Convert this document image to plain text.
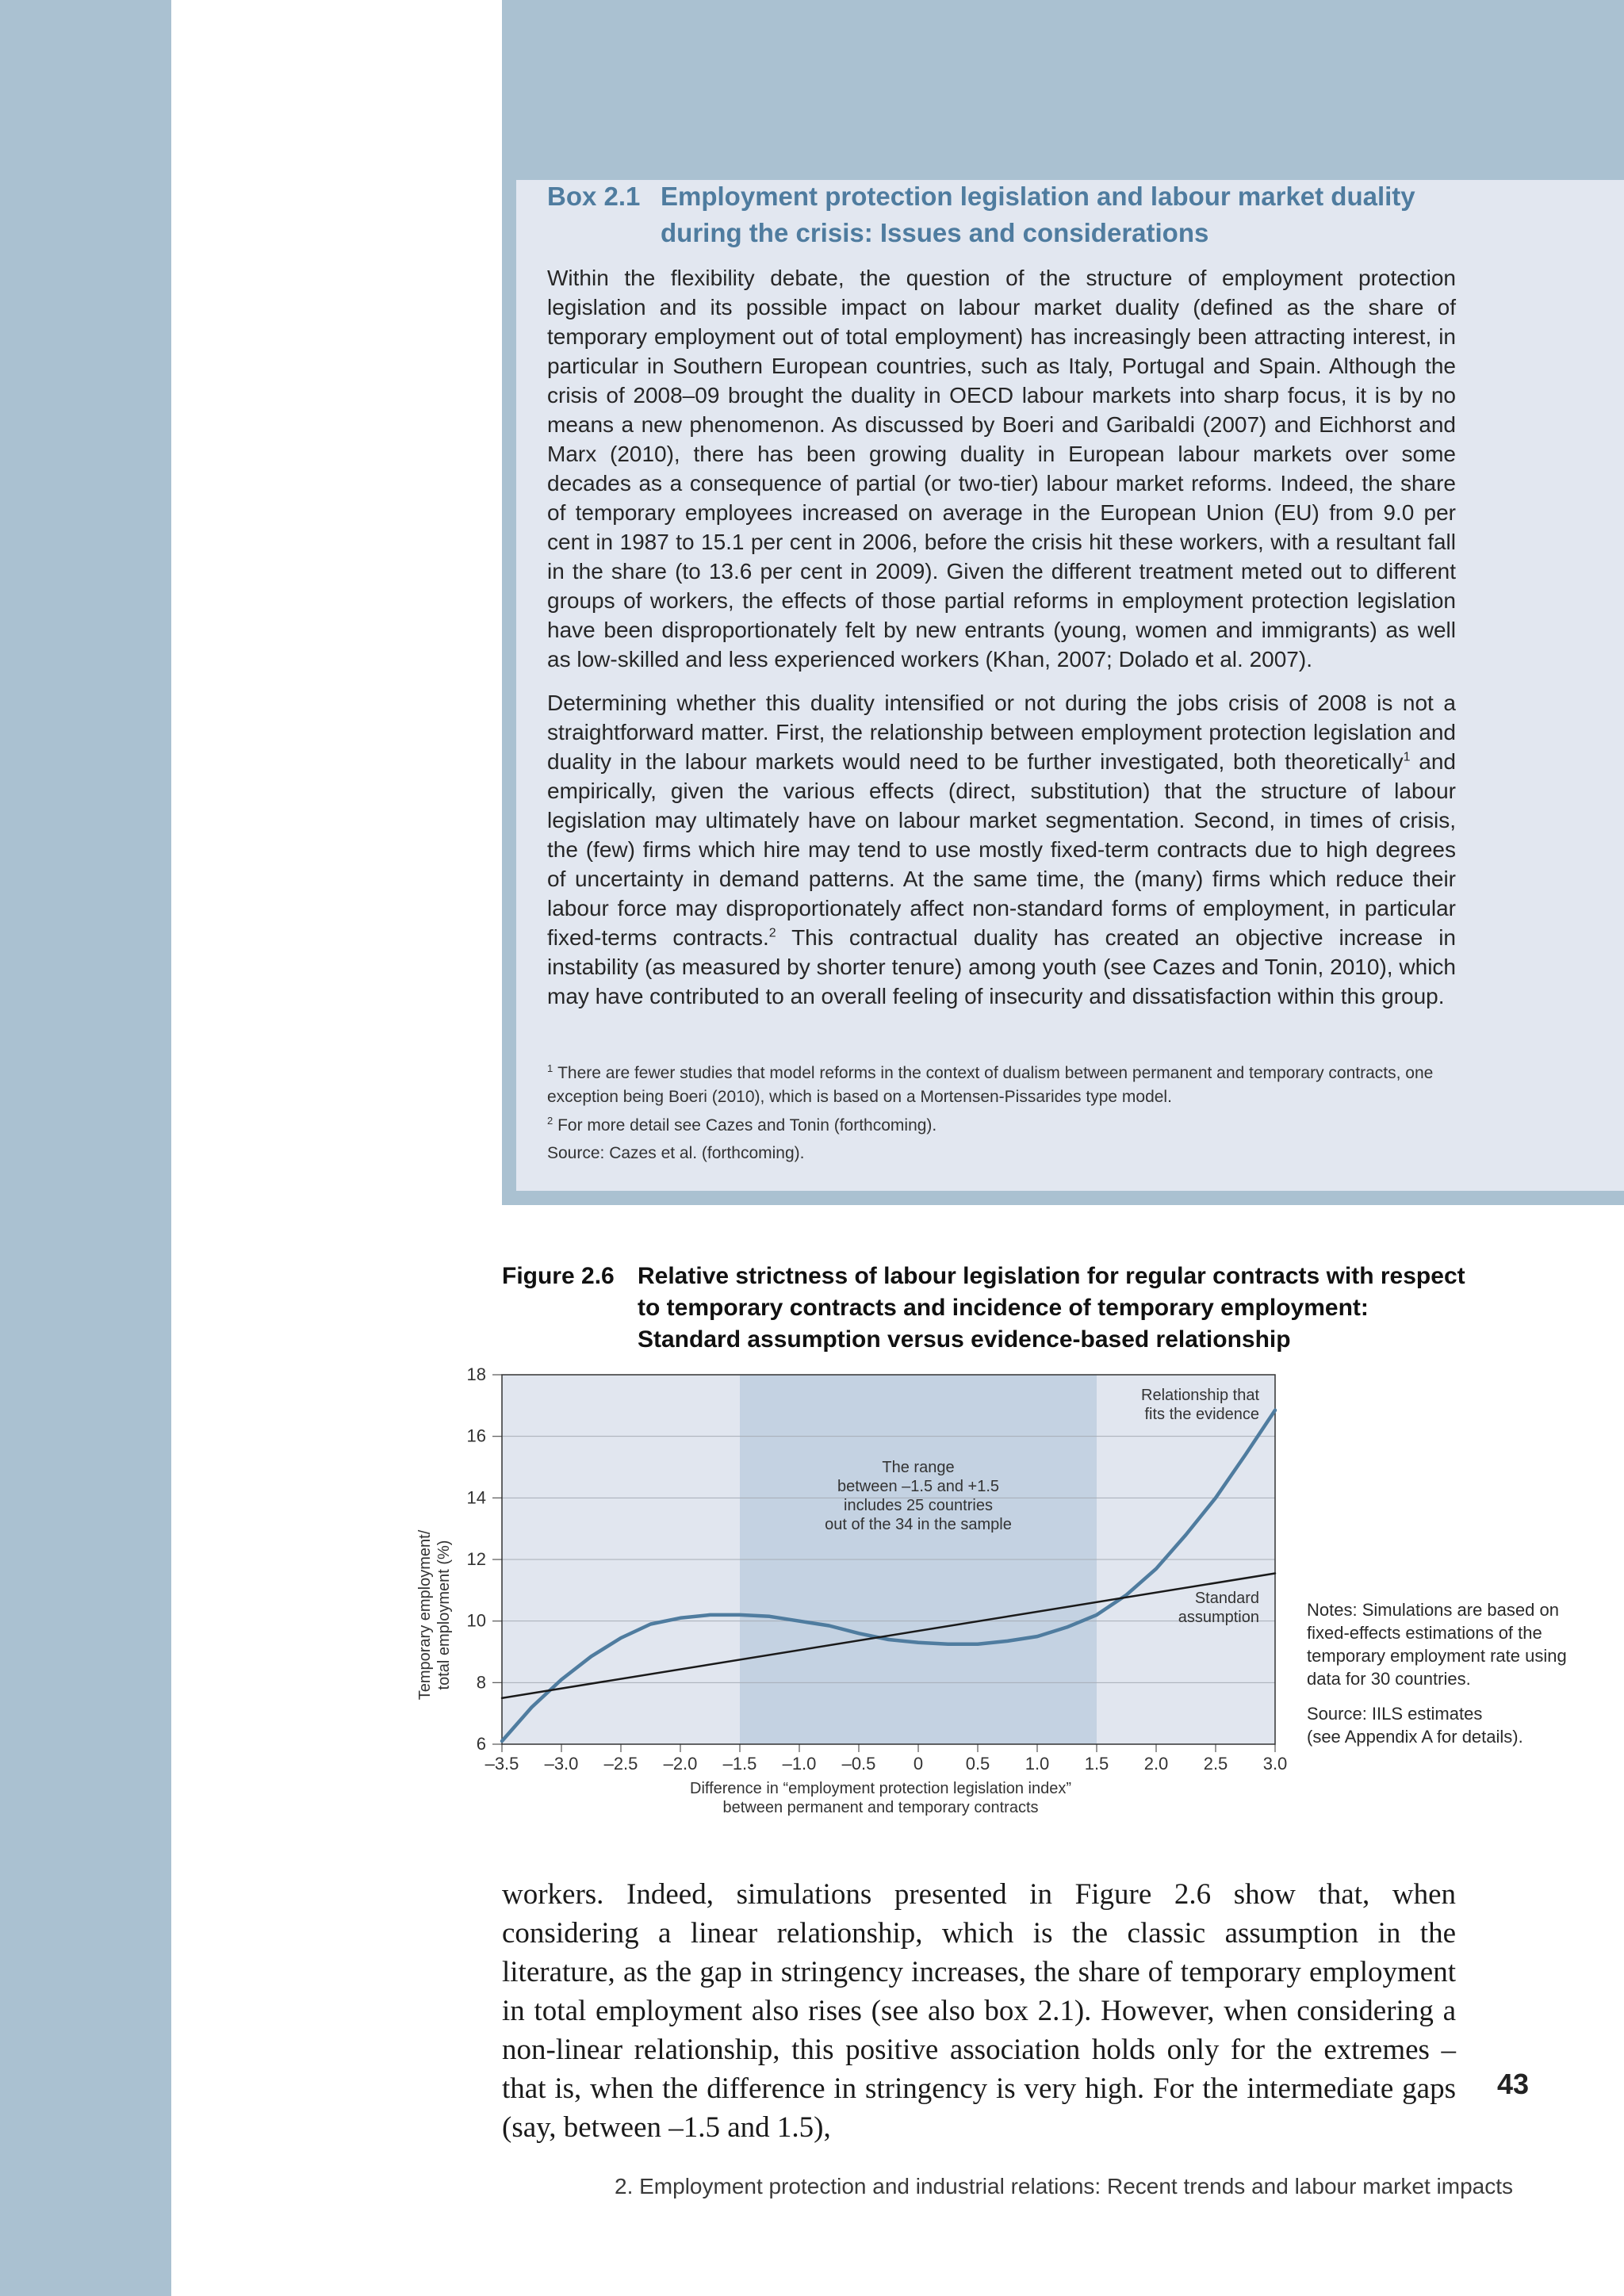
Box 2.1 Employment protection legislation and labour market duality
during the crisis: Issues and considerations

Within the flexibility debate, the question of the structure of employment protection legislation and its possible impact on labour market duality (defined as the share of temporary employment out of total employment) has increasingly been attracting interest, in particular in Southern European countries, such as Italy, Portugal and Spain. Although the crisis of 2008–09 brought the duality in OECD labour markets into sharp focus, it is by no means a new phenomenon. As discussed by Boeri and Garibaldi (2007) and Eichhorst and Marx (2010), there has been growing duality in European labour markets over some decades as a consequence of partial (or two-tier) labour market reforms. Indeed, the share of temporary employees increased on average in the European Union (EU) from 9.0 per cent in 1987 to 15.1 per cent in 2006, before the crisis hit these workers, with a resultant fall in the share (to 13.6 per cent in 2009). Given the different treatment meted out to different groups of workers, the effects of those partial reforms in employment protection legislation have been disproportionately felt by new entrants (young, women and immigrants) as well as low-skilled and less experienced workers (Khan, 2007; Dolado et al. 2007).

Determining whether this duality intensified or not during the jobs crisis of 2008 is not a straightforward matter. First, the relationship between employment protection legislation and duality in the labour markets would need to be further investigated, both theoretically$^1$ and empirically, given the various effects (direct, substitution) that the structure of labour legislation may ultimately have on labour market segmentation. Second, in times of crisis, the (few) firms which hire may tend to use mostly fixed-term contracts due to high degrees of uncertainty in demand patterns. At the same time, the (many) firms which reduce their labour force may disproportionately affect non-standard forms of employment, in particular fixed-terms contracts.$^2$ This contractual duality has created an objective increase in instability (as measured by shorter tenure) among youth (see Cazes and Tonin, 2010), which may have contributed to an overall feeling of insecurity and dissatisfaction within this group.

$^1$ There are fewer studies that model reforms in the context of dualism between permanent and temporary contracts, one exception being Boeri (2010), which is based on a Mortensen-Pissarides type model.
$^2$ For more detail see Cazes and Tonin (forthcoming).
Source: Cazes et al. (forthcoming).
Figure 2.6 Relative strictness of labour legislation for regular contracts with respect
to temporary contracts and incidence of temporary employment:
Standard assumption versus evidence-based relationship
6
8
10
12
14
16
18
–3.5 –3.0 –2.5 –2.0 –1.5 –1.0 –0.5 0 0.5 1.0 1.5 2.0 2.5 3.0
The range
between –1.5 and +1.5
includes 25 countries
out of the 34 in the sample
Relationship that
fits the evidence
Standard
assumption
Difference in “employment protection legislation index”
between permanent and temporary contracts
Temporary employment/ total employment (%)	Notes: Simulations are based on fixed-effects estimations of the temporary employment rate using data for 30 countries.

Source: IILS estimates
(see Appendix A for details).

workers. Indeed, simulations presented in Figure 2.6 show that, when considering a linear relationship, which is the classic assumption in the literature, as the gap in stringency increases, the share of temporary employment in total employment also rises (see also box 2.1). However, when considering a non-linear relationship, this positive association holds only for the extremes – that is, when the difference in stringency is very high. For the intermediate gaps (say, between –1.5 and 1.5),
43
2. Employment protection and industrial relations: Recent trends and labour market impacts
